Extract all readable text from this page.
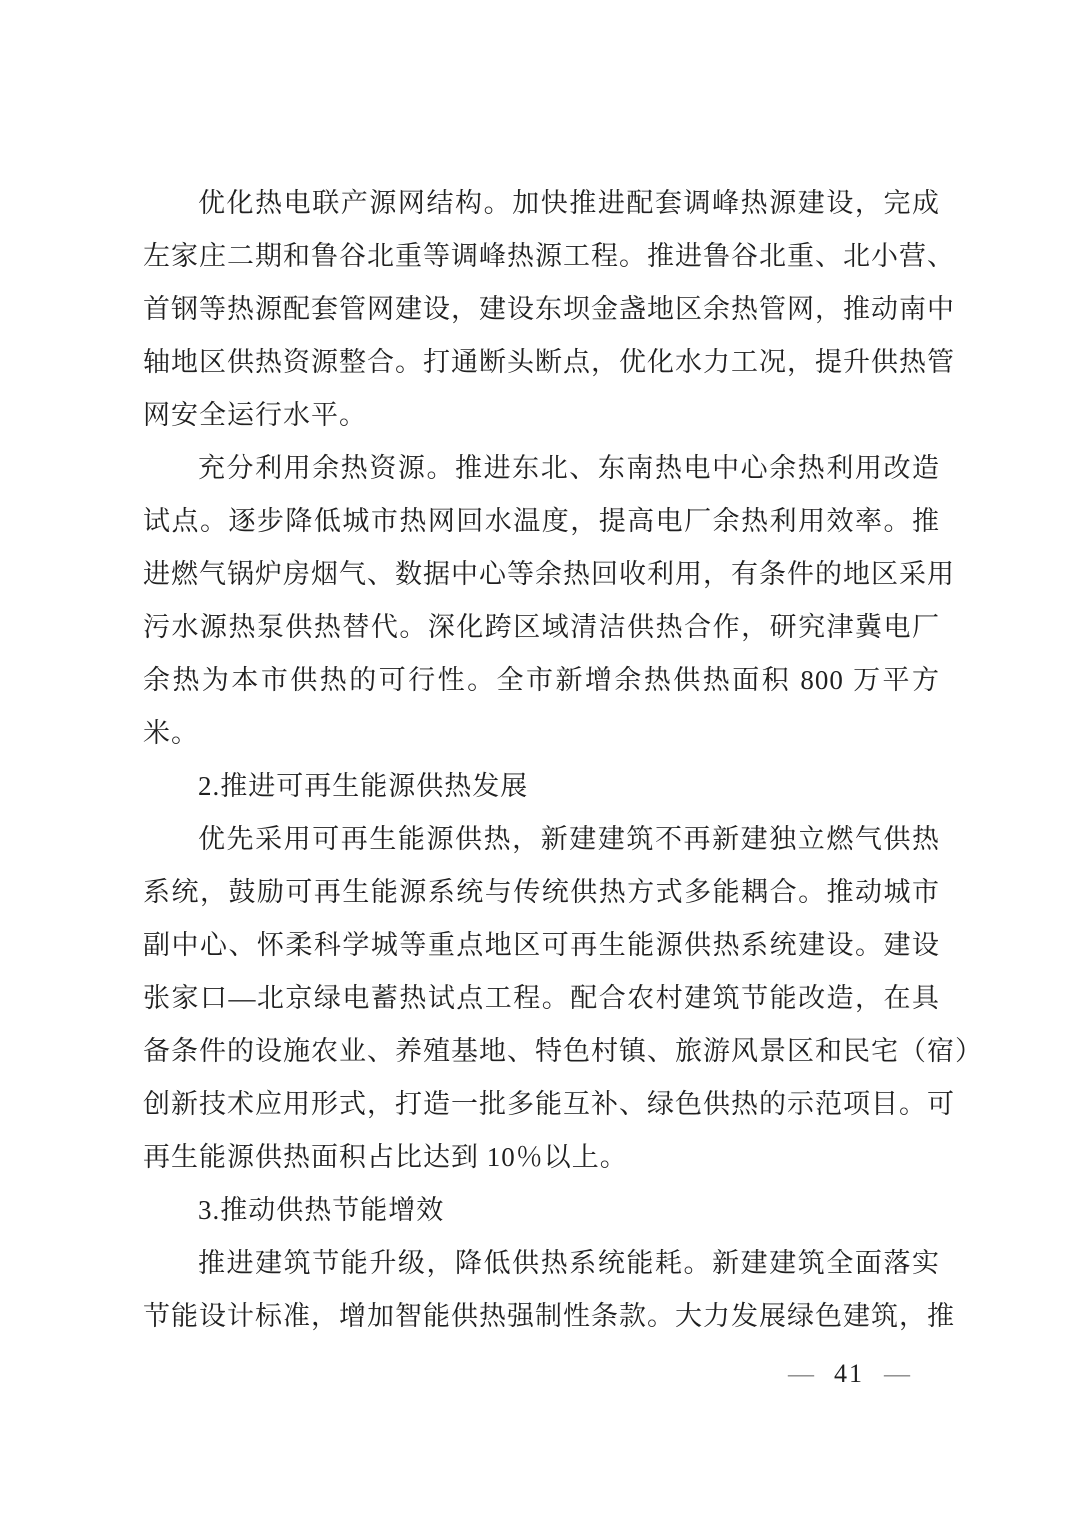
优化热电联产源网结构。加快推进配套调峰热源建设，完成
左家庄二期和鲁谷北重等调峰热源工程。推进鲁谷北重、北小营、
首钢等热源配套管网建设，建设东坝金盏地区余热管网，推动南中
轴地区供热资源整合。打通断头断点，优化水力工况，提升供热管
网安全运行水平。
充分利用余热资源。推进东北、东南热电中心余热利用改造
试点。逐步降低城市热网回水温度，提高电厂余热利用效率。推
进燃气锅炉房烟气、数据中心等余热回收利用，有条件的地区采用
污水源热泵供热替代。深化跨区域清洁供热合作，研究津冀电厂
余热为本市供热的可行性。全市新增余热供热面积 800 万平方
米。
2.推进可再生能源供热发展
优先采用可再生能源供热，新建建筑不再新建独立燃气供热
系统，鼓励可再生能源系统与传统供热方式多能耦合。推动城市
副中心、怀柔科学城等重点地区可再生能源供热系统建设。建设
张家口—北京绿电蓄热试点工程。配合农村建筑节能改造，在具
备条件的设施农业、养殖基地、特色村镇、旅游风景区和民宅（宿）
创新技术应用形式，打造一批多能互补、绿色供热的示范项目。可
再生能源供热面积占比达到 10％以上。
3.推动供热节能增效
推进建筑节能升级，降低供热系统能耗。新建建筑全面落实
节能设计标准，增加智能供热强制性条款。大力发展绿色建筑，推
— 41 —
